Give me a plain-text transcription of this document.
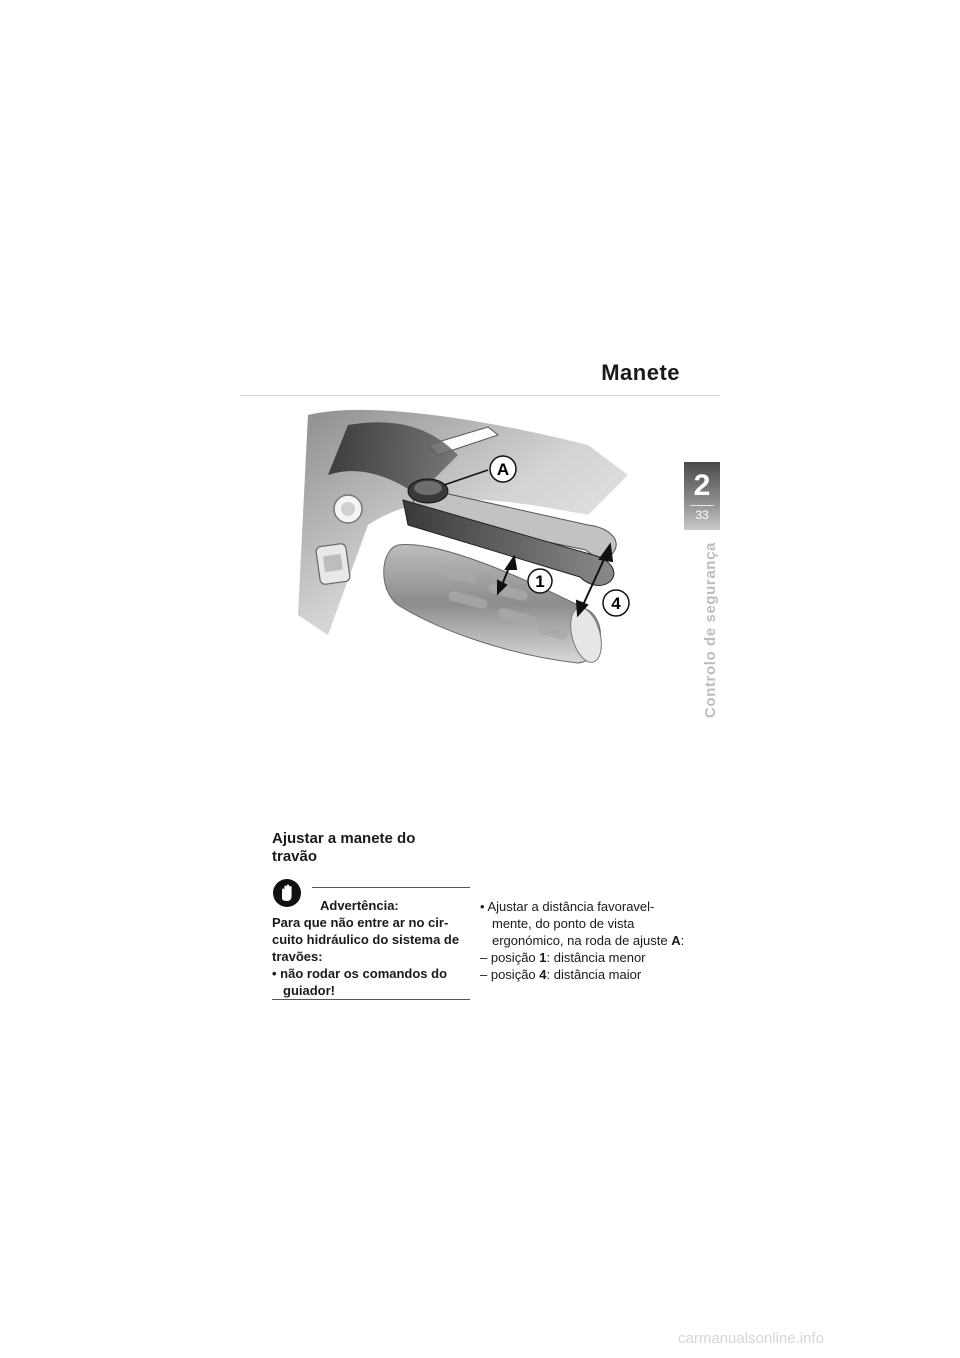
Manete
2
33
Controlo de segurança
A
1
4
Ajustar a manete do travão
Advertência:
Para que não entre ar no cir-cuito hidráulico do sistema de travões:
• não rodar os comandos do guiador!
• Ajustar a distância favoravel-mente, do ponto de vista ergonómico, na roda de ajuste A:
– posição 1: distância menor
– posição 4: distância maior
carmanualsonline.info
